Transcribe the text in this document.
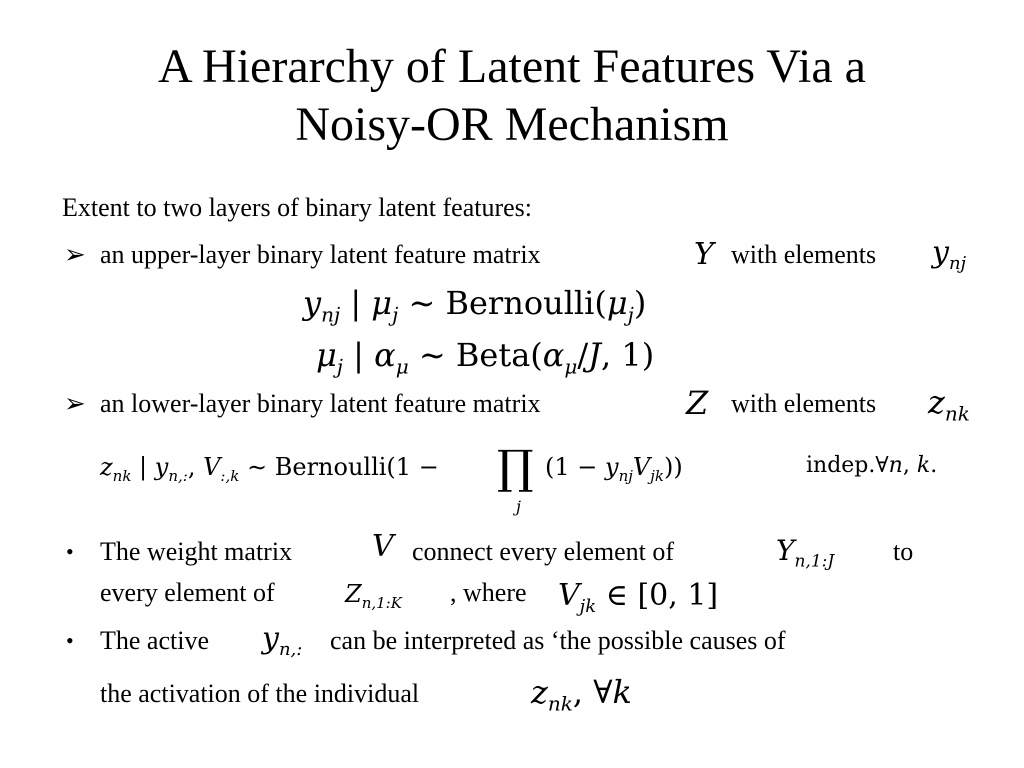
A Hierarchy of Latent Features Via a
Noisy-OR Mechanism
Extent to two layers of binary latent features:
➢ an upper-layer binary latent feature matrix	Y with elements $y_{nj}$
$y_{nj}$ | $\mu_j$ ∼ $Bernoulli(\mu_j)$
$\mu_j$ | $\alpha_\mu$ ∼ $Beta(\alpha_\mu/J$, 1)
➢ an lower-layer binary latent feature matrix	Z with elements $z_{nk}$
$z_{nk}$ | $y_{n,:}$, $V_{:,k}$ ∼ Bernoulli(1 − ∏
j
$(1 - y_{nj}V_{jk})$)	indep.∀n, k.
• The weight matrix	V connect every element of	$Y_{n,1:J}$ to
every element of	$Z_{n,1:K}$ , where $V_{jk}$ ∈ [0, 1]
• The active $y_{n,:}$ can be interpreted as ‘the possible causes of
the activation of the individual	$z_{nk}$, ∀k
